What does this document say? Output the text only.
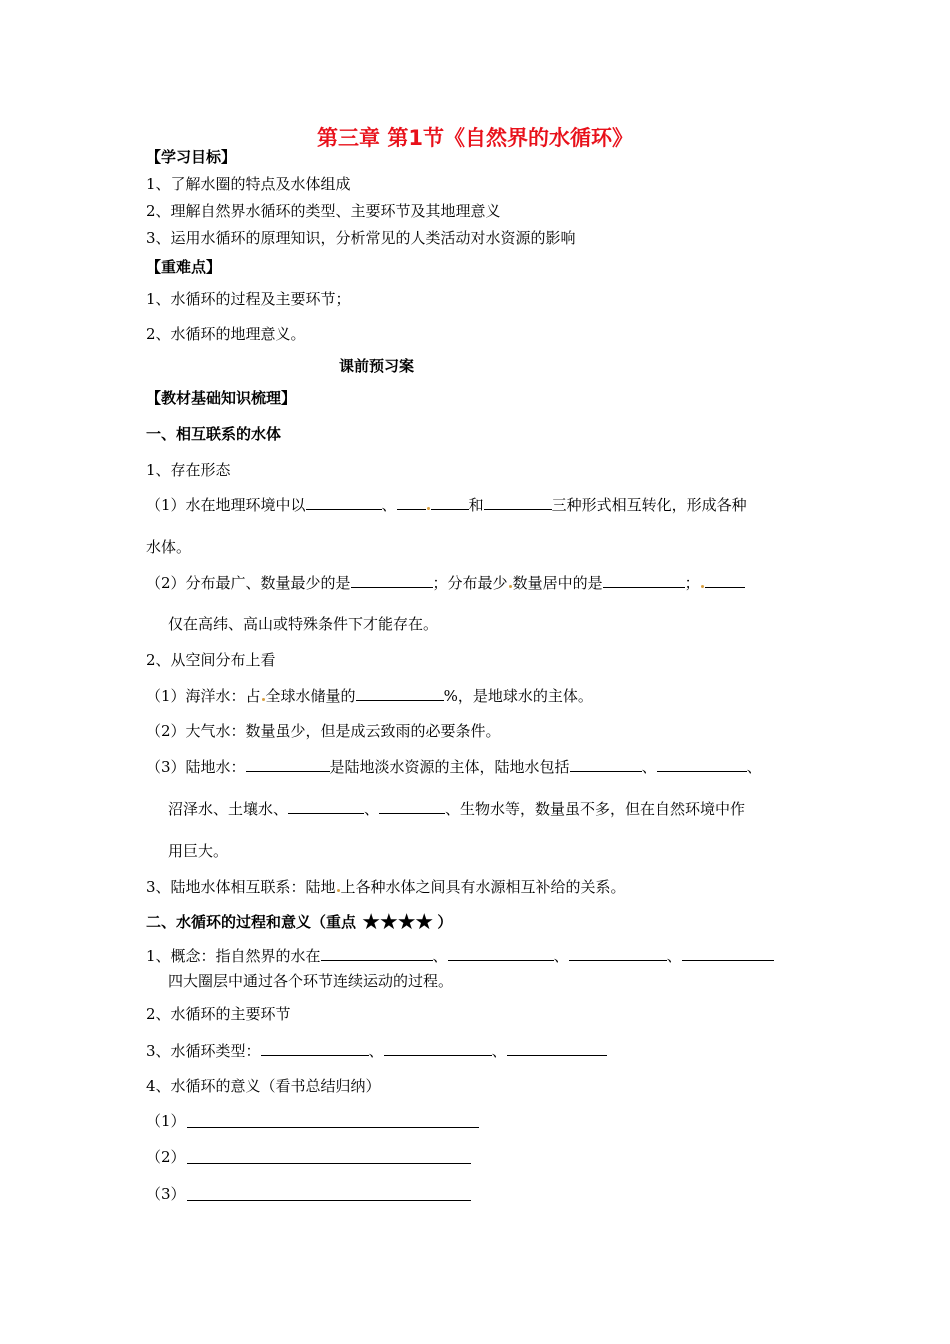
第三章 第1节《自然界的水循环》
【学习目标】
1、了解水圈的特点及水体组成
2、理解自然界水循环的类型、主要环节及其地理意义
3、运用水循环的原理知识，分析常见的人类活动对水资源的影响
【重难点】
1、水循环的过程及主要环节；
2、水循环的地理意义。
课前预习案
【教材基础知识梳理】
一、相互联系的水体
1、存在形态
（1）水在地理环境中以	、	和	三种形式相互转化，形成各种
水体。
（2）分布最广、数量最少的是	；分布最少 数量居中的是	；
仅在高纬、高山或特殊条件下才能存在。
2、从空间分布上看
（1）海洋水：占 全球水储量的	%，是地球水的主体。
（2）大气水：数量虽少，但是成云致雨的必要条件。
（3）陆地水：	是陆地淡水资源的主体，陆地水包括	、	、
沼泽水、土壤水、	、	、生物水等，数量虽不多，但在自然环境中作
用巨大。
3、陆地水体相互联系：陆地 上各种水体之间具有水源相互补给的关系。
二、水循环的过程和意义（重点 ★★★★ ）
1、概念：指自然界的水在	、	、	、
四大圈层中通过各个环节连续运动的过程。
2、水循环的主要环节
3、水循环类型：	、	、
4、水循环的意义（看书总结归纳）
（1）
（2）
（3）
